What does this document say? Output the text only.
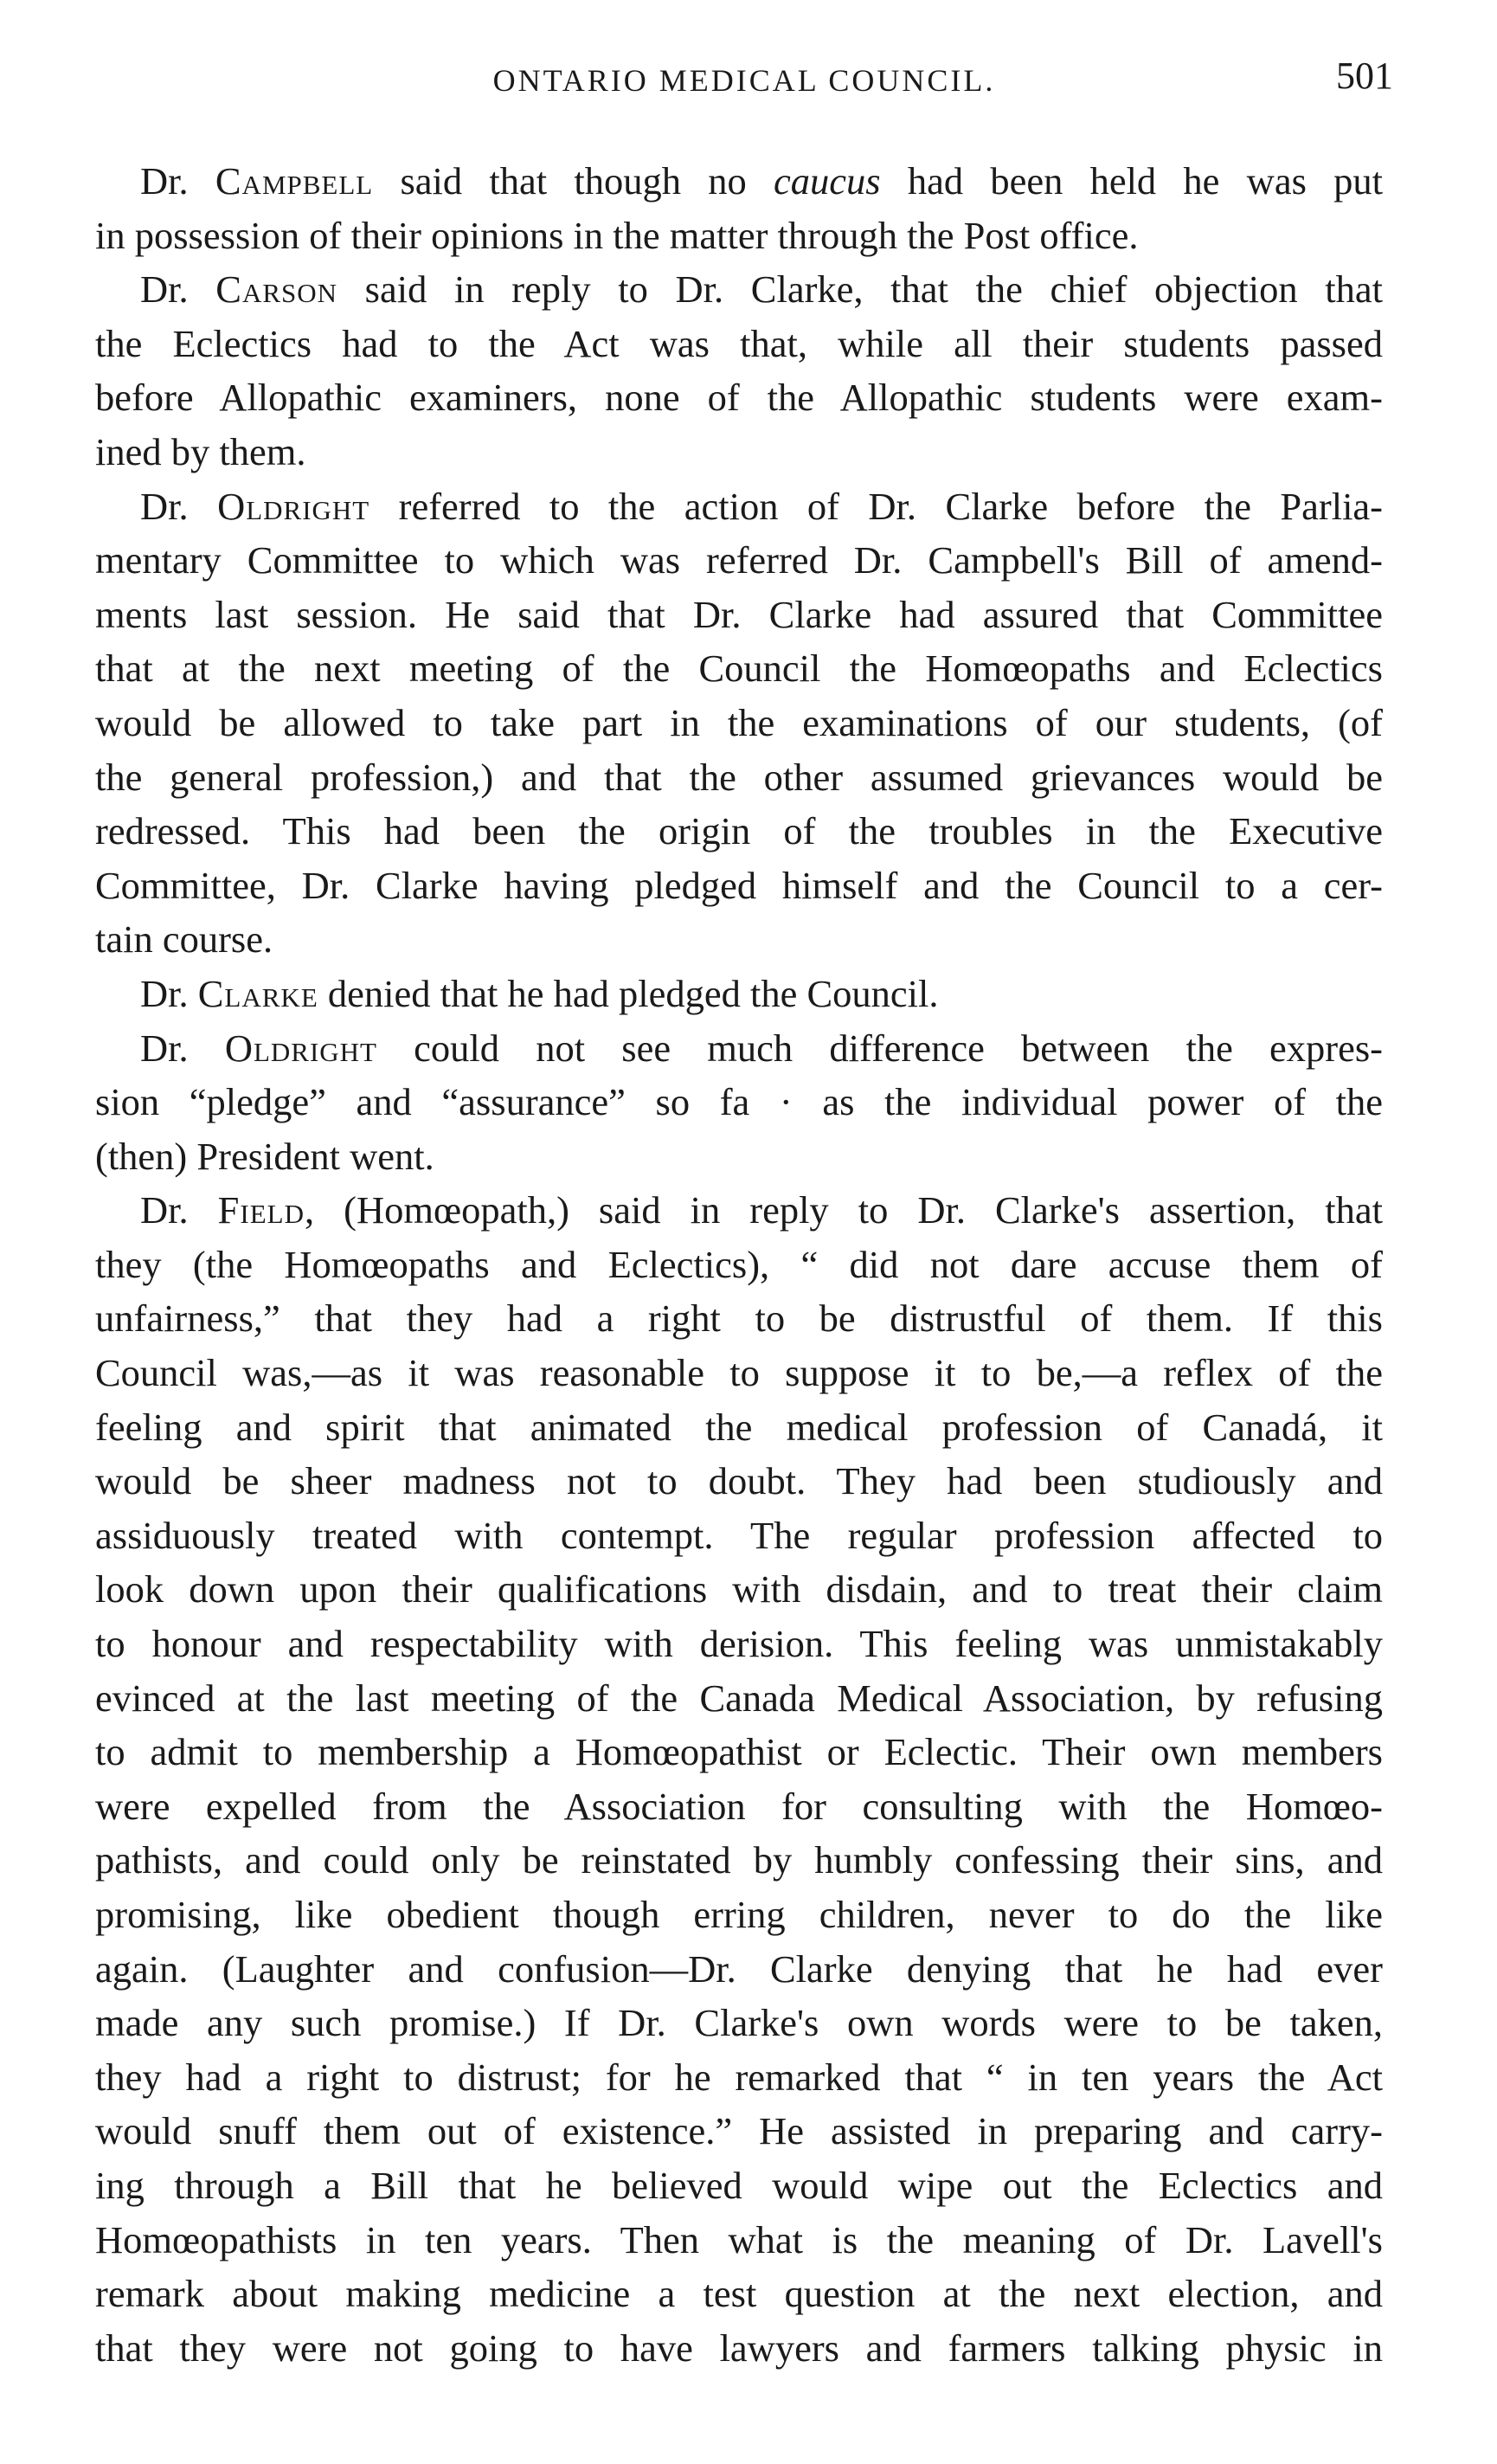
ONTARIO MEDICAL COUNCIL.	501
Dr. Campbell said that though no caucus had been held he was put
in possession of their opinions in the matter through the Post office.
Dr. Carson said in reply to Dr. Clarke, that the chief objection that
the Eclectics had to the Act was that, while all their students passed
before Allopathic examiners, none of the Allopathic students were exam-
ined by them.
Dr. Oldright referred to the action of Dr. Clarke before the Parlia-
mentary Committee to which was referred Dr. Campbell's Bill of amend-
ments last session. He said that Dr. Clarke had assured that Committee
that at the next meeting of the Council the Homœopaths and Eclectics
would be allowed to take part in the examinations of our students, (of
the general profession,) and that the other assumed grievances would be
redressed. This had been the origin of the troubles in the Executive
Committee, Dr. Clarke having pledged himself and the Council to a cer-
tain course.
Dr. Clarke denied that he had pledged the Council.
Dr. Oldright could not see much difference between the expres-
sion “pledge” and “assurance” so fa · as the individual power of the
(then) President went.
Dr. Field, (Homœopath,) said in reply to Dr. Clarke's assertion, that
they (the Homœopaths and Eclectics), “ did not dare accuse them of
unfairness,” that they had a right to be distrustful of them. If this
Council was,—as it was reasonable to suppose it to be,—a reflex of the
feeling and spirit that animated the medical profession of Canadá, it
would be sheer madness not to doubt. They had been studiously and
assiduously treated with contempt. The regular profession affected to
look down upon their qualifications with disdain, and to treat their claim
to honour and respectability with derision. This feeling was unmistakably
evinced at the last meeting of the Canada Medical Association, by refusing
to admit to membership a Homœopathist or Eclectic. Their own members
were expelled from the Association for consulting with the Homœo-
pathists, and could only be reinstated by humbly confessing their sins, and
promising, like obedient though erring children, never to do the like
again. (Laughter and confusion—Dr. Clarke denying that he had ever
made any such promise.) If Dr. Clarke's own words were to be taken,
they had a right to distrust; for he remarked that “ in ten years the Act
would snuff them out of existence.” He assisted in preparing and carry-
ing through a Bill that he believed would wipe out the Eclectics and
Homœopathists in ten years. Then what is the meaning of Dr. Lavell's
remark about making medicine a test question at the next election, and
that they were not going to have lawyers and farmers talking physic in
